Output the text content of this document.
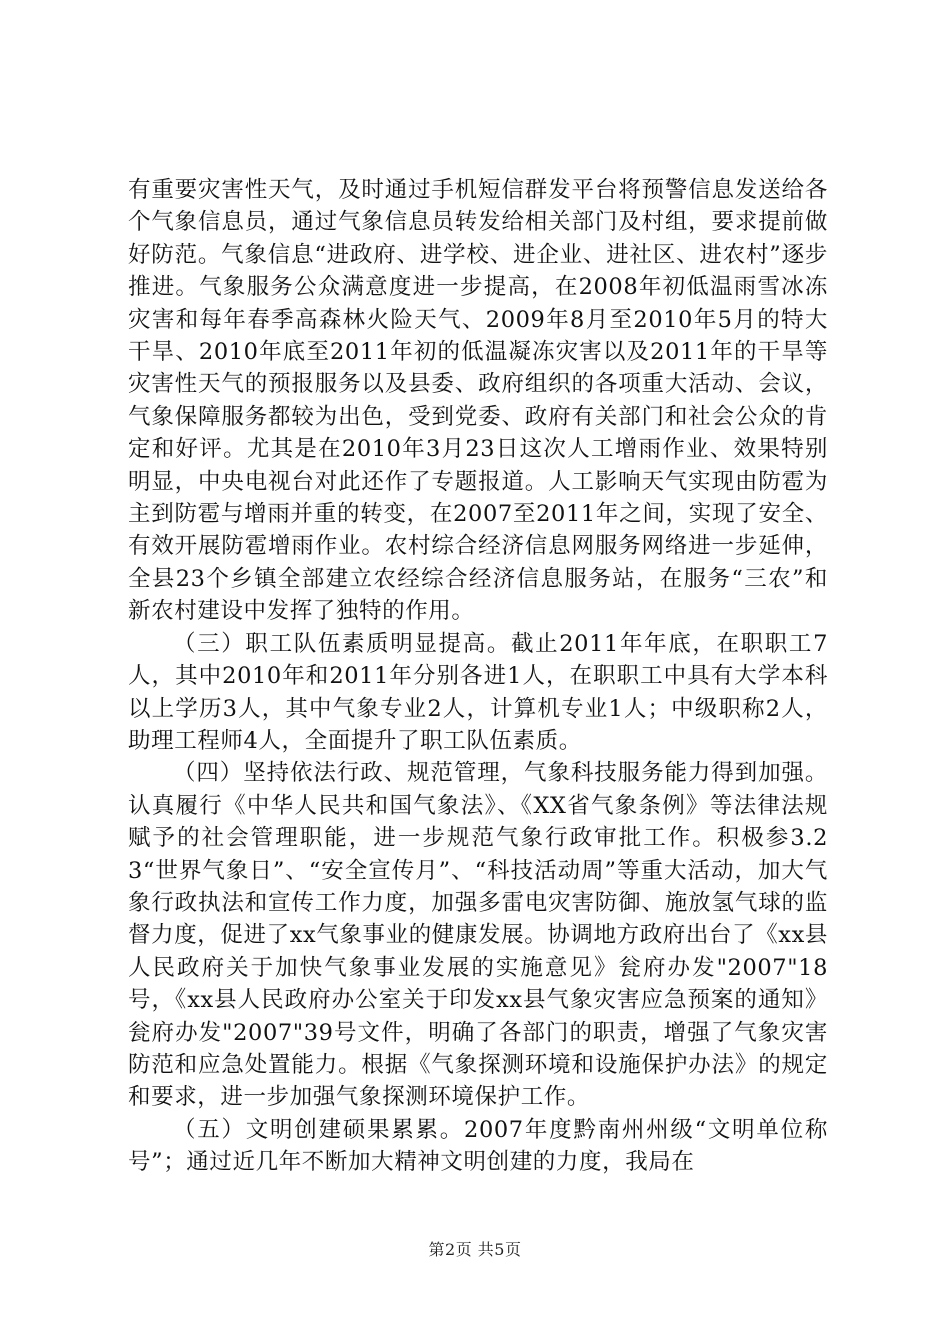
有重要灾害性天气，及时通过手机短信群发平台将预警信息发送给各个气象信息员，通过气象信息员转发给相关部门及村组，要求提前做好防范。气象信息“进政府、进学校、进企业、进社区、进农村”逐步推进。气象服务公众满意度进一步提高，在2008年初低温雨雪冰冻灾害和每年春季高森林火险天气、2009年8月至2010年5月的特大干旱、2010年底至2011年初的低温凝冻灾害以及2011年的干旱等灾害性天气的预报服务以及县委、政府组织的各项重大活动、会议，气象保障服务都较为出色，受到党委、政府有关部门和社会公众的肯定和好评。尤其是在2010年3月23日这次人工增雨作业、效果特别明显，中央电视台对此还作了专题报道。人工影响天气实现由防雹为主到防雹与增雨并重的转变，在2007至2011年之间，实现了安全、有效开展防雹增雨作业。农村综合经济信息网服务网络进一步延伸，全县23个乡镇全部建立农经综合经济信息服务站，在服务“三农”和新农村建设中发挥了独特的作用。

（三）职工队伍素质明显提高。截止2011年年底，在职职工7人，其中2010年和2011年分别各进1人，在职职工中具有大学本科以上学历3人，其中气象专业2人，计算机专业1人；中级职称2人，助理工程师4人，全面提升了职工队伍素质。

（四）坚持依法行政、规范管理，气象科技服务能力得到加强。认真履行《中华人民共和国气象法》、《XX省气象条例》等法律法规赋予的社会管理职能，进一步规范气象行政审批工作。积极参3.23“世界气象日”、“安全宣传月”、“科技活动周”等重大活动，加大气象行政执法和宣传工作力度，加强多雷电灾害防御、施放氢气球的监督力度，促进了xx气象事业的健康发展。协调地方政府出台了《xx县人民政府关于加快气象事业发展的实施意见》瓮府办发"2007"18号，《xx县人民政府办公室关于印发xx县气象灾害应急预案的通知》瓮府办发"2007"39号文件，明确了各部门的职责，增强了气象灾害防范和应急处置能力。根据《气象探测环境和设施保护办法》的规定和要求，进一步加强气象探测环境保护工作。

（五）文明创建硕果累累。2007年度黔南州州级“文明单位称号”；通过近几年不断加大精神文明创建的力度，我局在

第2页 共5页
